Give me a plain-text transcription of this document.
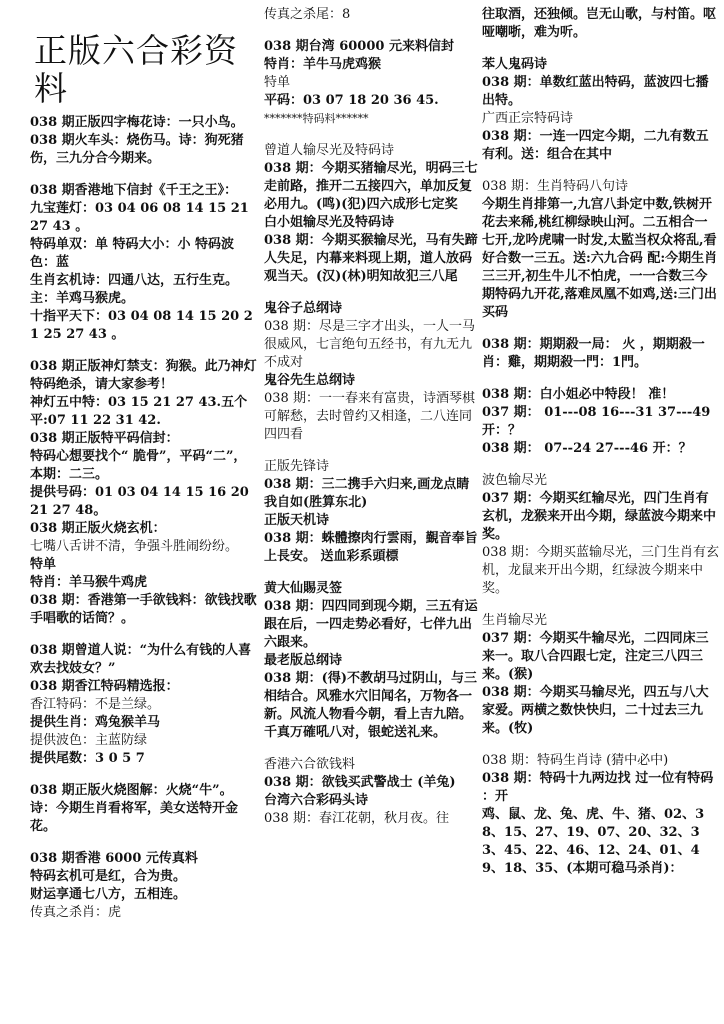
正版六合彩资料

038 期正版四字梅花诗：一只小鸟。

038 期火车头：烧伤马。诗：狗死猪伤，三九分合今期来。

038 期香港地下信封《千王之王》：

九宝莲灯：03 04 06 08 14 15 21 27 43 。

特码单双：单 特码大小：小 特码波色：蓝

生肖玄机诗：四通八达，五行生克。主：羊鸡马猴虎。

十指平天下：03 04 08 14 15 20 21 25 27 43 。

038 期正版神灯禁支：狗猴。此乃神灯特码绝杀，请大家参考！

神灯五中特：03 15 21 27 43.五个平:07 11 22 31 42.

038 期正版特平码信封：

特码心想要找个“ 脆骨”，平码“二”，本期：二三。

提供号码：01 03 04 14 15 16 20 21 27 48。

038 期正版火烧玄机：

七嘴八舌讲不清，争强斗胜闹纷纷。

特单

特肖：羊马猴牛鸡虎

038 期：香港第一手欲钱料：欲钱找歌手唱歌的话筒？。

038 期曾道人说：“为什么有钱的人喜欢去找妓女？”

038 期香江特码精选报：

香江特码：不是兰绿。

提供生肖：鸡兔猴羊马

提供波色：主蓝防绿

提供尾数：3 0 5 7

038 期正版火烧图解：火烧“牛”。诗：今期生肖看将军，美女送特开金花。

038 期香港 6000 元传真料

特码玄机可是红，合为贵。

财运享通七八方，五相连。

传真之杀肖：虎

传真之杀尾：8

038 期台湾 60000 元来料信封

特肖：羊牛马虎鸡猴

特单

平码：03 07 18 20 36 45.

*******特码料******

曾道人输尽光及特码诗

038 期：今期买猪输尽光，明码三七走前路，推开二五接四六，单加反复必用九。(鸣)(犯)四六成形七定奖

白小姐输尽光及特码诗

038 期：今期买猴输尽光，马有失蹄人失足，内幕来料现上期，道人放码观当天。(汉)(林)明知故犯三八尾

鬼谷子总纲诗

038 期：尽是三字才出头，一人一马很威风，七言绝句五经书，有九无九不成对

鬼谷先生总纲诗

038 期：一一春来有富贵，诗酒琴棋可解愁，去时曾约又相逢，二八连同四四看

正版先锋诗

038 期：三二携手六归来,画龙点睛我自如(胜算东北)

正版天机诗

038 期：蛛體擦肉行雲雨，覲音奉旨上長安。 送血彩系頭標

黄大仙賜灵签

038 期：四四同到现今期，三五有运跟在后，一四走势必看好，七伴九出六跟来。

最老版总纲诗

038 期：(得)不教胡马过阴山，与三相结合。风雅水穴旧闻名，万物各一新。风流人物看今朝，看上吉九陪。千真万確吼八对，银蛇送礼来。

香港六合欲钱料

038 期：欲钱买武警战士 (羊兔)

台湾六合彩码头诗

038 期：春江花朝，秋月夜。往

往取酒，还独倾。岂无山歌，与村笛。呕哑嘲哳，难为听。

苯人鬼码诗

038 期：单数红蓝出特码，蓝波四七播出特。

广西正宗特码诗

038 期：一连一四定今期，二九有数五有利。送：组合在其中

038 期：生肖特码八句诗

今期生肖排第一,九宫八卦定中数,铁树开花去来稀,桃红柳绿映山河。二五相合一七开,龙吟虎啸一时发,太監当权众将乱,看好合数一三五。送:六九合码 配:今期生肖三三开,初生牛儿不怕虎，一一合数三今期特码九开花,落难凤凰不如鸡,送:三门出买码

038 期：期期殺一局： 火 ，期期殺一肖：雞，期期殺一門：1門。

038 期：白小姐必中特段！ 准！

037 期： 01---08 16---31 37---49 开：？

038 期： 07--24 27---46 开：？

波色输尽光

037 期：今期买红输尽光，四门生肖有玄机，龙猴来开出今期，绿蓝波今期来中奖。

038 期：今期买蓝输尽光，三门生肖有玄机，龙鼠来开出今期，红绿波今期来中奖。

生肖输尽光

037 期：今期买牛输尽光，二四同床三来一。取八合四跟七定，注定三八四三来。(猴)

038 期：今期买马输尽光，四五与八大家爱。两横之数快快归，二十过去三九来。(牧)

038 期：特码生肖诗 (猜中必中)

038 期：特码十九两边找 过一位有特码 ：开

鸡、鼠、龙、兔、虎、牛、猪、02、38、15、27、19、07、20、32、33、45、22、46、12、24、01、49、18、35、(本期可稳马杀肖)：
